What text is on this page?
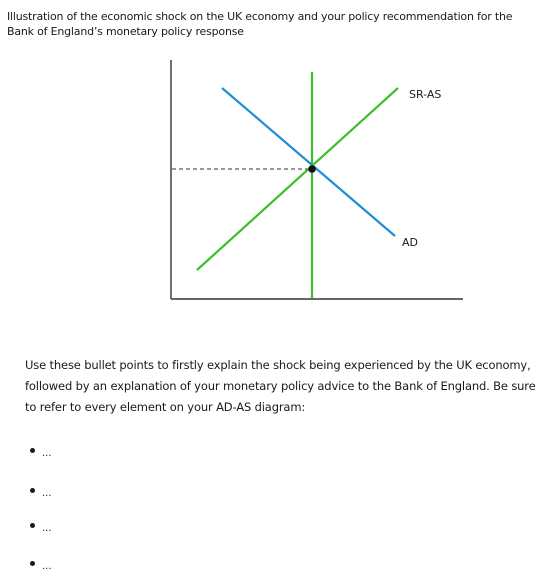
Illustration of the economic shock on the UK economy and your policy recommendation for the Bank of England’s monetary policy response
SR-AS
AD
Use these bullet points to firstly explain the shock being experienced by the UK economy, followed by an explanation of your monetary policy advice to the Bank of England. Be sure to refer to every element on your AD-AS diagram:
...
...
...
...
